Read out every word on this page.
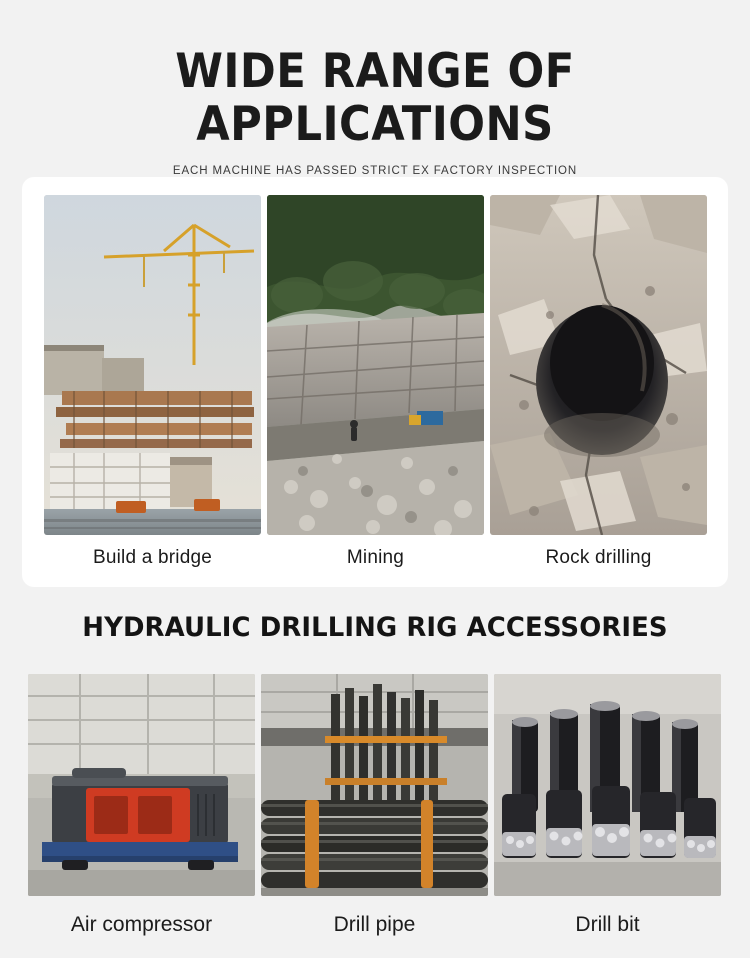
WIDE RANGE OF APPLICATIONS
EACH MACHINE HAS PASSED STRICT EX FACTORY INSPECTION
Build a bridge	Mining	Rock drilling
HYDRAULIC DRILLING RIG ACCESSORIES
Air compressor	Drill pipe	Drill bit
